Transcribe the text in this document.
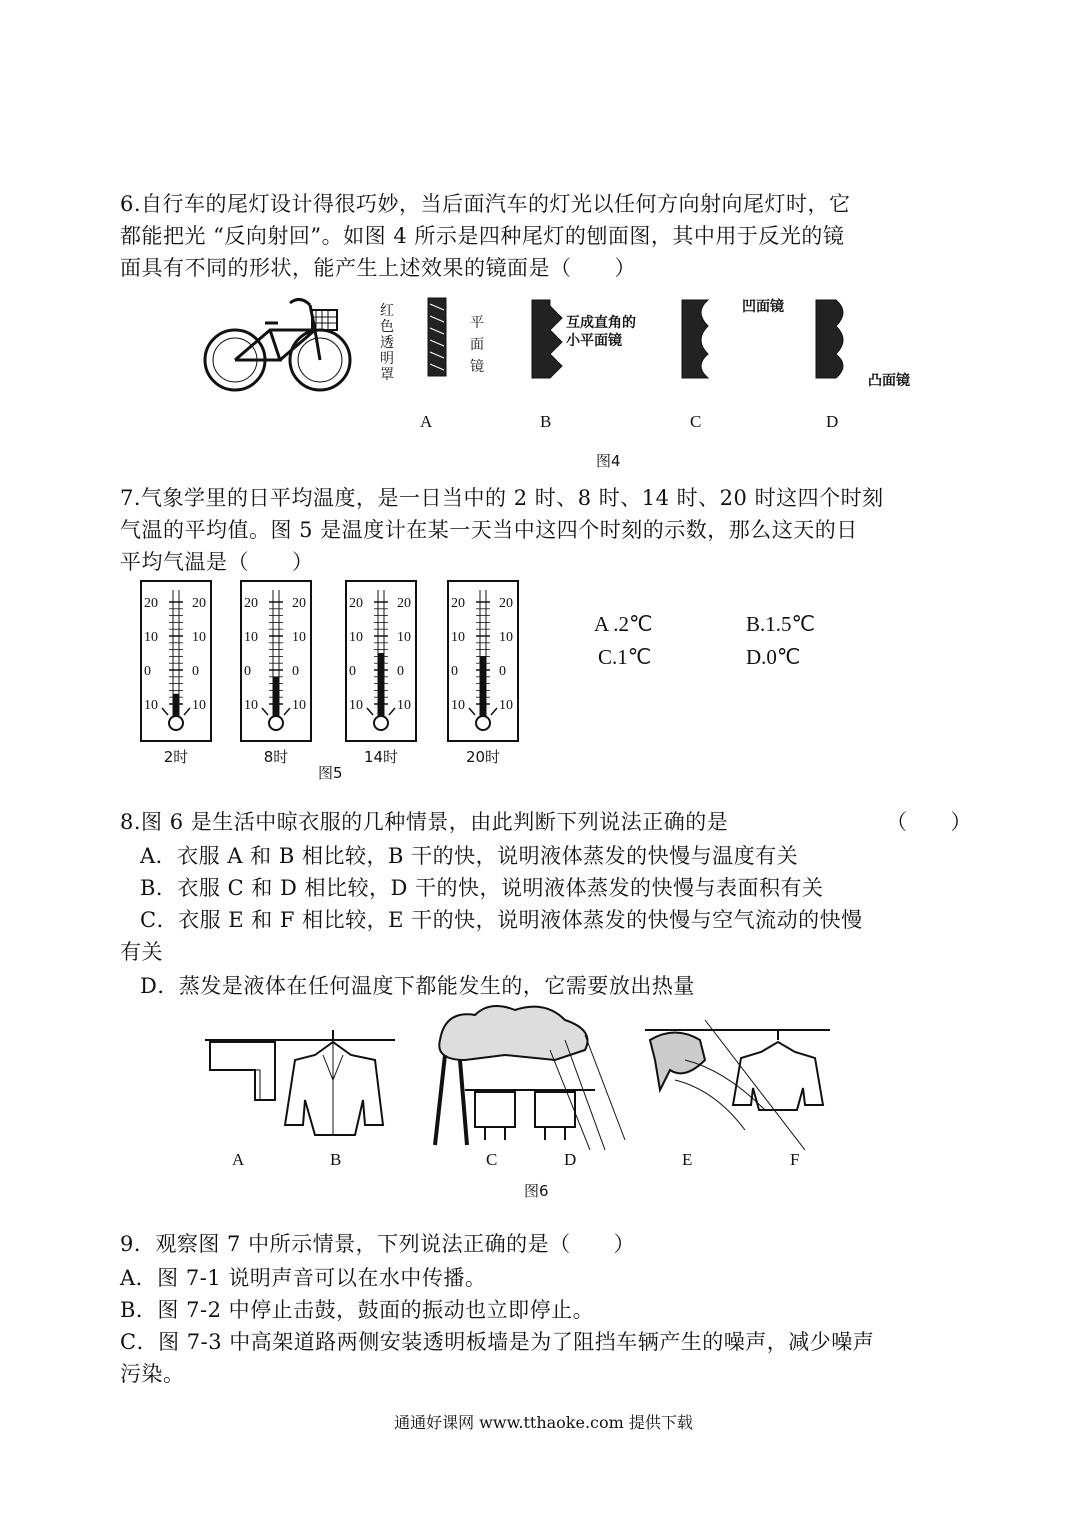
6.自行车的尾灯设计得很巧妙，当后面汽车的灯光以任何方向射向尾灯时，它
都能把光 “反向射回”。如图 4 所示是四种尾灯的刨面图，其中用于反光的镜
面具有不同的形状，能产生上述效果的镜面是（　　）
红色透明罩
平面镜
互成直角的
小平面镜
凹面镜
凸面镜
A	B	C	D
图4
7.气象学里的日平均温度，是一日当中的 2 时、8 时、14 时、20 时这四个时刻
气温的平均值。图 5 是温度计在某一天当中这四个时刻的示数，那么这天的日
平均气温是（　　）
20 20
10 10
0	0
10 10
2时
20 20
10 10
0	0
10 10
8时
20 20
10 10
0	0
10 10
14时
20 20
10 10
0	0
10 10
20时
图5
A .2℃	B.1.5℃
C.1℃	D.0℃
8.图 6 是生活中晾衣服的几种情景，由此判断下列说法正确的是	（　　）
A．衣服 A 和 B 相比较，B 干的快，说明液体蒸发的快慢与温度有关
B．衣服 C 和 D 相比较，D 干的快，说明液体蒸发的快慢与表面积有关
C．衣服 E 和 F 相比较，E 干的快，说明液体蒸发的快慢与空气流动的快慢
有关
D．蒸发是液体在任何温度下都能发生的，它需要放出热量
A	B	C	D	E	F
图6
9．观察图 7 中所示情景，下列说法正确的是（　　）
A．图 7-1 说明声音可以在水中传播。
B．图 7-2 中停止击鼓，鼓面的振动也立即停止。
C．图 7-3 中高架道路两侧安装透明板墙是为了阻挡车辆产生的噪声，减少噪声
污染。
通通好课网 www.tthaoke.com 提供下载
